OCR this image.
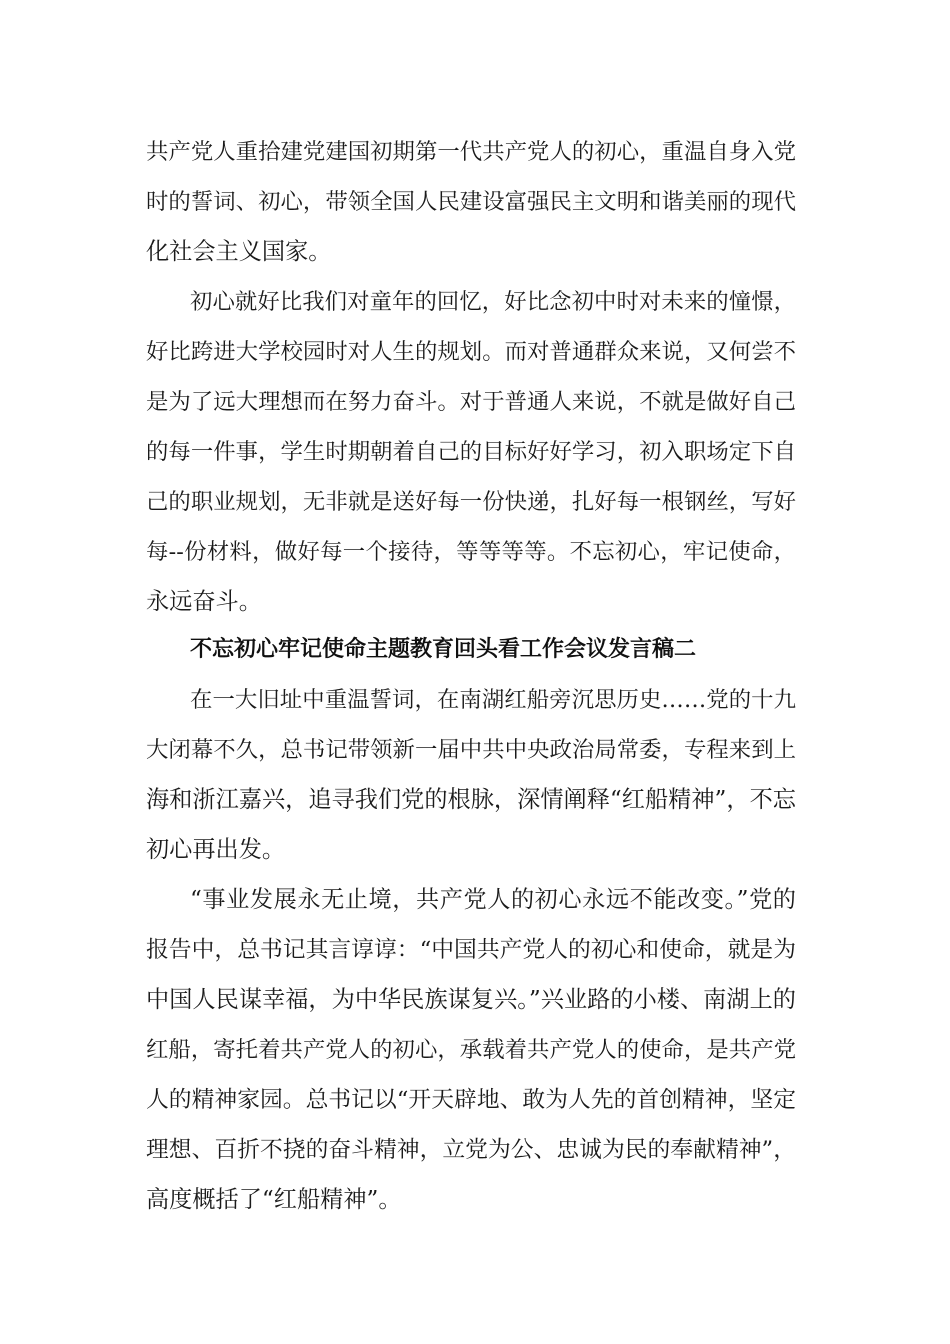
共产党人重拾建党建国初期第一代共产党人的初心，重温自身入党
时的誓词、初心，带领全国人民建设富强民主文明和谐美丽的现代
化社会主义国家。
初心就好比我们对童年的回忆，好比念初中时对未来的憧憬，
好比跨进大学校园时对人生的规划。而对普通群众来说，又何尝不
是为了远大理想而在努力奋斗。对于普通人来说，不就是做好自己
的每一件事，学生时期朝着自己的目标好好学习，初入职场定下自
己的职业规划，无非就是送好每一份快递，扎好每一根钢丝，写好
每--份材料，做好每一个接待，等等等等。不忘初心，牢记使命，
永远奋斗。
不忘初心牢记使命主题教育回头看工作会议发言稿二
在一大旧址中重温誓词，在南湖红船旁沉思历史……党的十九
大闭幕不久，总书记带领新一届中共中央政治局常委，专程来到上
海和浙江嘉兴，追寻我们党的根脉，深情阐释“红船精神”，不忘
初心再出发。
“事业发展永无止境，共产党人的初心永远不能改变。”党的
报告中，总书记其言谆谆：“中国共产党人的初心和使命，就是为
中国人民谋幸福，为中华民族谋复兴。”兴业路的小楼、南湖上的
红船，寄托着共产党人的初心，承载着共产党人的使命，是共产党
人的精神家园。总书记以“开天辟地、敢为人先的首创精神，坚定
理想、百折不挠的奋斗精神，立党为公、忠诚为民的奉献精神”，
高度概括了“红船精神”。
